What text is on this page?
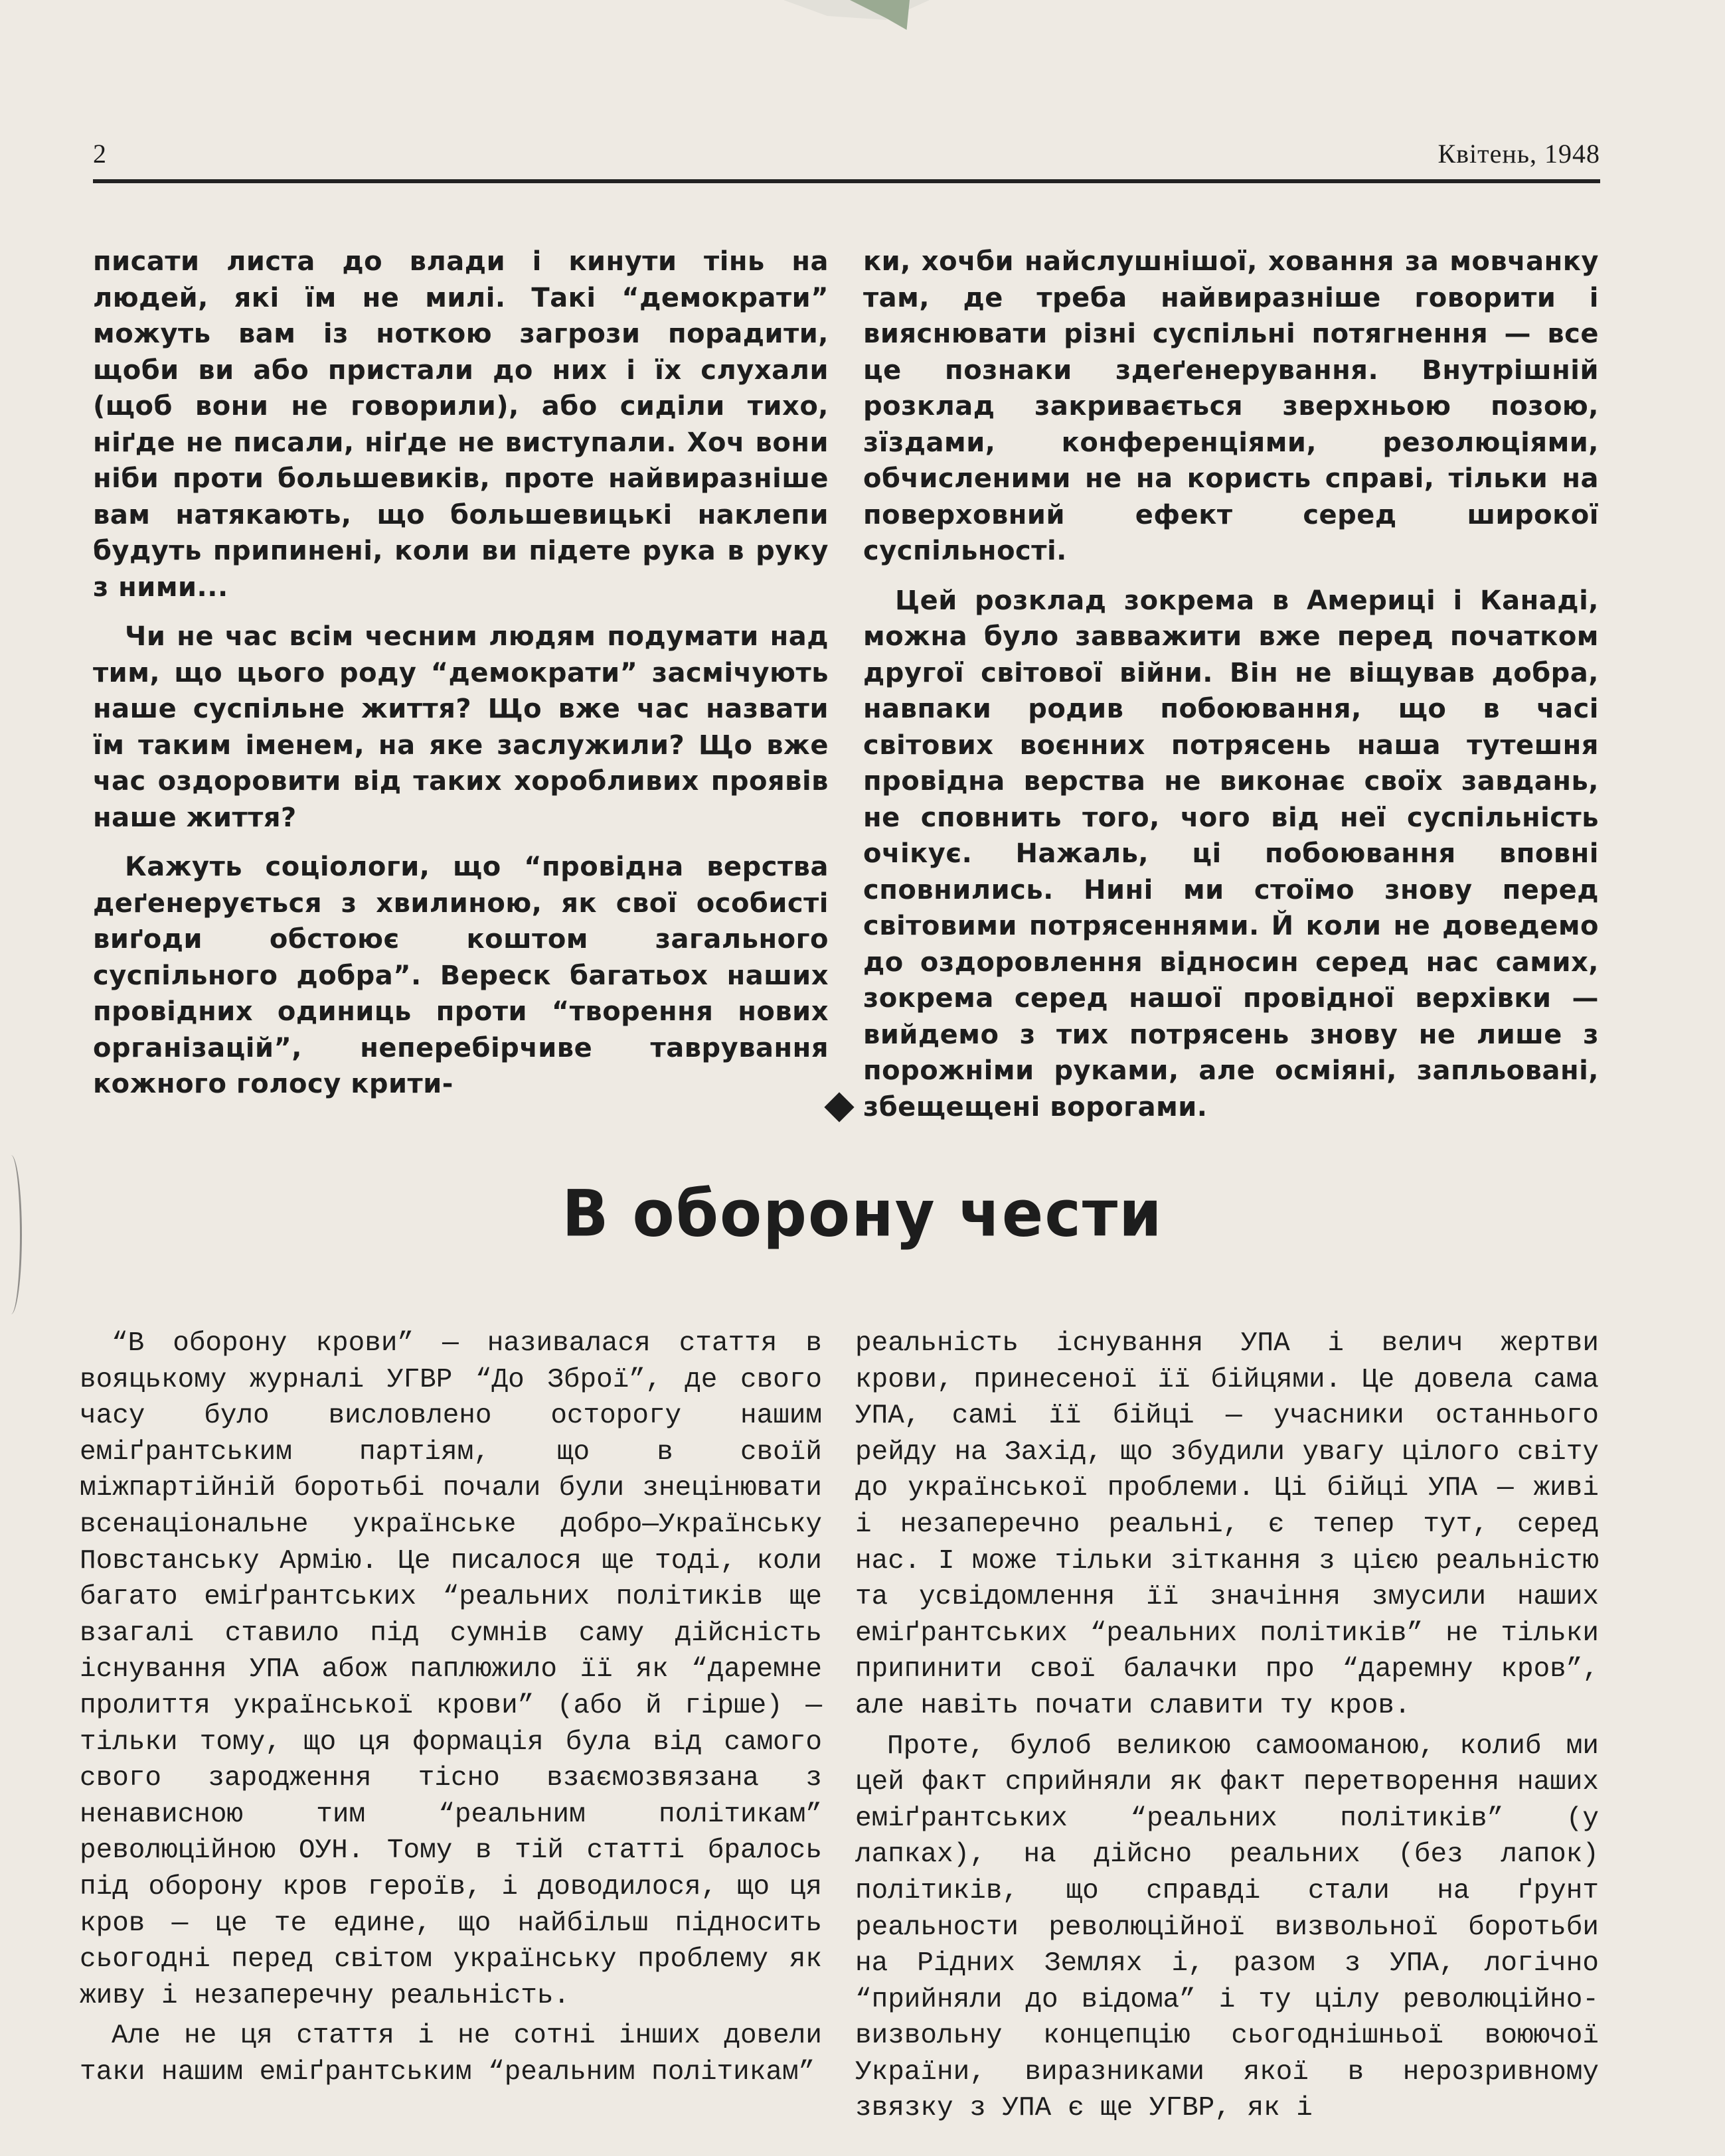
2	Квітень, 1948

писати листа до влади і кинути тінь на людей, які їм не милі. Такі “демократи” можуть вам із ноткою загрози порадити, щоби ви або пристали до них і їх слухали (щоб вони не говорили), або сиділи тихо, ніґде не писали, ніґде не виступали. Хоч вони ніби проти большевиків, проте найвиразніше вам натякають, що большевицькі наклепи будуть припинені, коли ви підете рука в руку з ними...

Чи не час всім чесним людям подумати над тим, що цього роду “демократи” засмічують наше суспільне життя? Що вже час назвати їм таким іменем, на яке заслужили? Що вже час оздоровити від таких хоробливих проявів наше життя?

Кажуть соціологи, що “провідна верства деґенерується з хвилиною, як свої особисті виґоди обстоює коштом загального суспільного добра”. Вереск багатьох наших провідних одиниць проти “творення нових організацій”, неперебірчиве таврування кожного голосу крити-

ки, хочби найслушнішої, ховання за мовчанку там, де треба найвиразніше говорити і вияснювати різні суспільні потягнення — все це познаки здеґенерування. Внутрішній розклад закривається зверхньою позою, зїздами, конференціями, резолюціями, обчисленими не на користь справі, тільки на поверховний ефект серед широкої суспільності.

Цей розклад зокрема в Америці і Канаді, можна було завважити вже перед початком другої світової війни. Він не віщував добра, навпаки родив побоювання, що в часі світових воєнних потрясень наша тутешня провідна верства не виконає своїх завдань, не сповнить того, чого від неї суспільність очікує. Нажаль, ці побоювання вповні сповнились. Нині ми стоїмо знову перед світовими потрясеннями. Й коли не доведемо до оздоровлення відносин серед нас самих, зокрема серед нашої провідної верхівки — вийдемо з тих потрясень знову не лише з порожніми руками, але осміяні, запльовані, збещещені ворогами.

В оборону чести

“В оборону крови” — називалася стаття в вояцькому журналі УГВР “До Зброї”, де свого часу було висловлено осторогу нашим еміґрантським партіям, що в своїй міжпартійній боротьбі почали були знецінювати всенаціональне українське добро—Українську Повстанську Армію. Це писалося ще тоді, коли багато еміґрантських “реальних політиків ще взагалі ставило під сумнів саму дійсність існування УПА абож паплюжило її як “даремне пролиття української крови” (або й гірше) — тільки тому, що ця формація була від самого свого зародження тісно взаємозвязана з ненависною тим “реальним політикам” революційною ОУН. Тому в тій статті бралось під оборону кров героїв, і доводилося, що ця кров — це те едине, що найбільш підносить сьогодні перед світом українську проблему як живу і незаперечну реальність.

Але не ця стаття і не сотні інших довели таки нашим еміґрантським “реальним політикам”

реальність існування УПА і велич жертви крови, принесеної її бійцями. Це довела сама УПА, самі її бійці — учасники останнього рейду на Захід, що збудили увагу цілого світу до української проблеми. Ці бійці УПА — живі і незаперечно реальні, є тепер тут, серед нас. І може тільки зіткання з цією реальністю та усвідомлення її значіння змусили наших еміґрантських “реальних політиків” не тільки припинити свої балачки про “даремну кров”, але навіть почати славити ту кров.

Проте, булоб великою самооманою, колиб ми цей факт сприйняли як факт перетворення наших еміґрантських “реальних політиків” (у лапках), на дійсно реальних (без лапок) політиків, що справді стали на ґрунт реальности революційної визвольної боротьби на Рідних Землях і, разом з УПА, логічно “прийняли до відома” і ту цілу революційно-визвольну концепцію сьогоднішньої воюючої України, виразниками якої в нерозривному звязку з УПА є ще УГВР, як і
